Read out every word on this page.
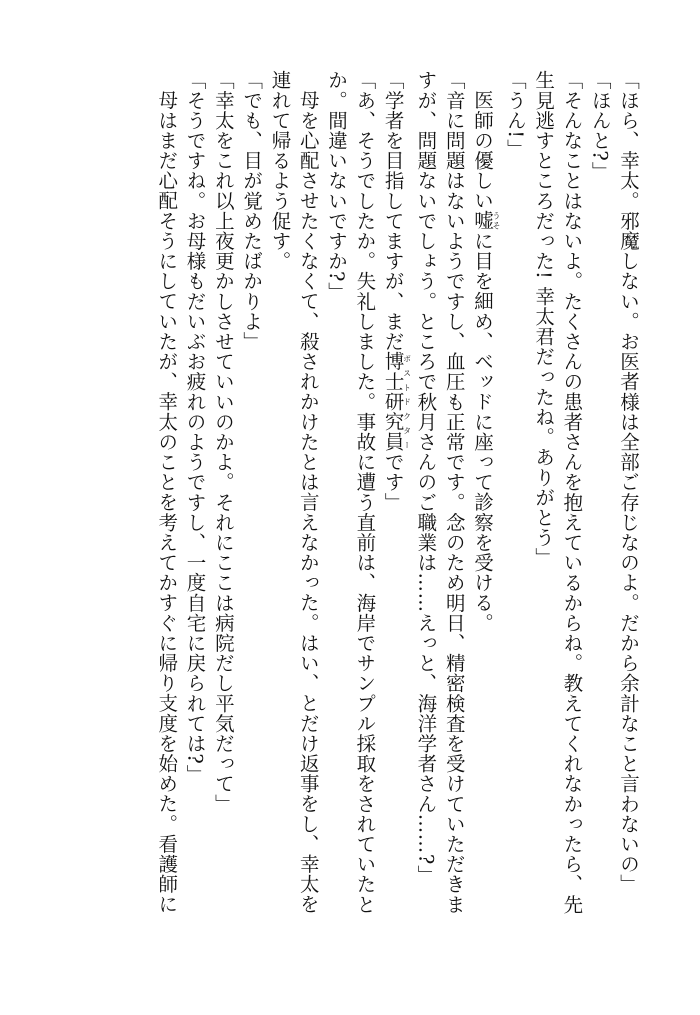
「ほら、幸太。邪魔しない。お医者様は全部ご存じなのよ。だから余計なこと言わないの」
「ほんと?」
「そんなことはないよ。たくさんの患者さんを抱えているからね。教えてくれなかったら、先
生見逃すところだった! 幸太君だったね。ありがとう」
「うん!」
医師の優しい嘘うそに目を細め、ベッドに座って診察を受ける。
「音に問題はないようですし、血圧も正常です。念のため明日、精密検査を受けていただきま
すが、問題ないでしょう。ところで秋月さんのご職業は……えっと、海洋学者さん……?」
「学者を目指してますが、まだ博士研究員ポストドクターです」
「あ、そうでしたか。失礼しました。事故に遭う直前は、海岸でサンプル採取をされていたと
か。間違いないですか?」
母を心配させたくなくて、殺されかけたとは言えなかった。はい、とだけ返事をし、幸太を
連れて帰るよう促す。
「でも、目が覚めたばかりよ」
「幸太をこれ以上夜更かしさせていいのかよ。それにここは病院だし平気だって」
「そうですね。お母様もだいぶお疲れのようですし、一度自宅に戻られては?」
母はまだ心配そうにしていたが、幸太のことを考えてかすぐに帰り支度を始めた。看護師に
